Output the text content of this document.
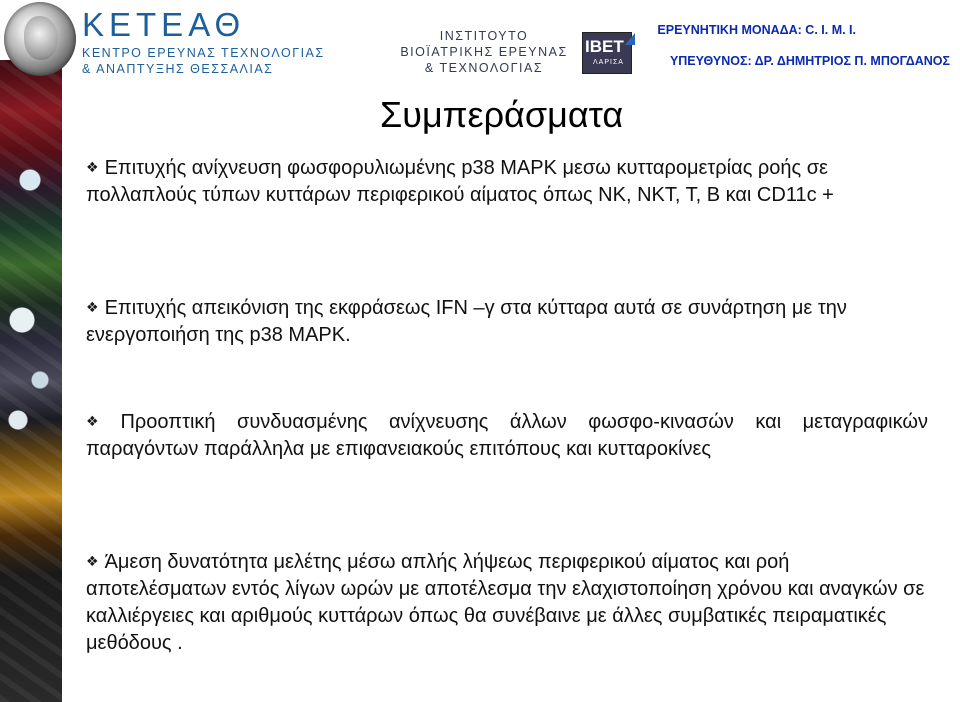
ΚΕΤΕΑΘ
ΚΕΝΤΡΟ ΕΡΕΥΝΑΣ ΤΕΧΝΟΛΟΓΙΑΣ
& ΑΝΑΠΤΥΞΗΣ ΘΕΣΣΑΛΙΑΣ
ΙΝΣΤΙΤΟΥΤΟ
ΒΙΟΪΑΤΡΙΚΗΣ ΕΡΕΥΝΑΣ
& ΤΕΧΝΟΛΟΓΙΑΣ
IBET
ΛΑΡΙΣΑ
ΕΡΕΥΝΗΤΙΚΗ ΜΟΝΑΔΑ: C. I. M. I.
ΥΠΕΥΘΥΝΟΣ: ΔΡ. ΔΗΜΗΤΡΙΟΣ Π. ΜΠΟΓΔΑΝΟΣ
Συμπεράσματα

❖ Επιτυχής ανίχνευση φωσφορυλιωμένης p38 MAPK μεσω κυτταρομετρίας ροής σε πολλαπλούς τύπων κυττάρων περιφερικού αίματος όπως NK, NKT, T, B και CD11c +

❖ Επιτυχής απεικόνιση της εκφράσεως IFN –γ στα κύτταρα αυτά σε συνάρτηση με την ενεργοποιήση της p38 MAPK.

❖ Προοπτική συνδυασμένης ανίχνευσης άλλων φωσφο-κινασών και μεταγραφικών παραγόντων παράλληλα με επιφανειακούς επιτόπους και κυτταροκίνες

❖ Άμεση δυνατότητα μελέτης μέσω απλής λήψεως περιφερικού αίματος και ροή αποτελέσματων εντός λίγων ωρών με αποτέλεσμα την ελαχιστοποίηση χρόνου και αναγκών σε καλλιέργειες και αριθμούς κυττάρων όπως θα συνέβαινε με άλλες συμβατικές πειραματικές μεθόδους .
